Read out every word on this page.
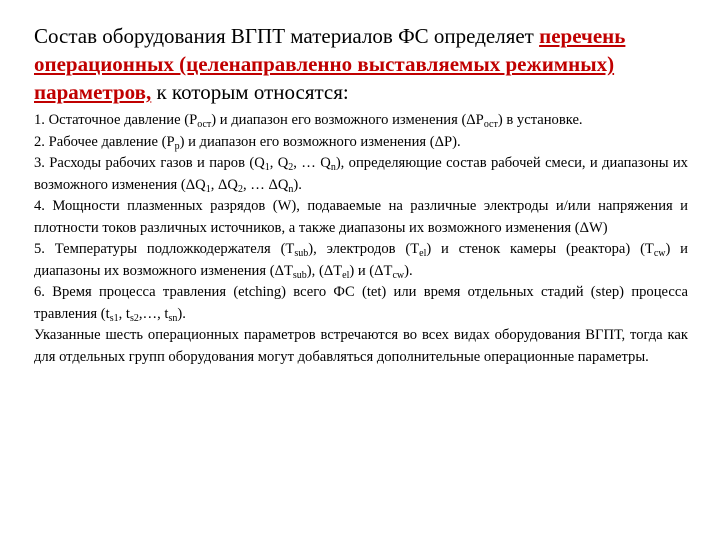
Состав оборудования ВГПТ материалов ФС определяет перечень операционных (целенаправленно выставляемых режимных) параметров, к которым относятся:

1. Остаточное давление $(P_{ост})$ и диапазон его возможного изменения $(\Delta P_{ост})$ в установке.

2. Рабочее давление $(P_р)$ и диапазон его возможного изменения (ΔP).

3. Расходы рабочих газов и паров ($Q_1$, $Q_2$, … $Q_n$), определяющие состав рабочей смеси, и диапазоны их возможного изменения ($\Delta Q_1$, $\Delta Q_2$, … $\Delta Q_n$).

4. Мощности плазменных разрядов (W), подаваемые на различные электроды и/или напряжения и плотности токов различных источников, а также диапазоны их возможного изменения (ΔW)

5. Температуры подложкодержателя $(T_{sub})$, электродов $(T_{el})$ и стенок камеры (реактора) $(T_{cw})$ и диапазоны их возможного изменения $(\Delta T_{sub})$, $(\Delta T_{el})$ и $(\Delta T_{cw})$.

6. Время процесса травления (etching) всего ФС (tet) или время отдельных стадий (step) процесса травления ($t_{s1}$, $t_{s2},\dots$, $t_{sn}$).

Указанные шесть операционных параметров встречаются во всех видах оборудования ВГПТ, тогда как для отдельных групп оборудования могут добавляться дополнительные операционные параметры.
